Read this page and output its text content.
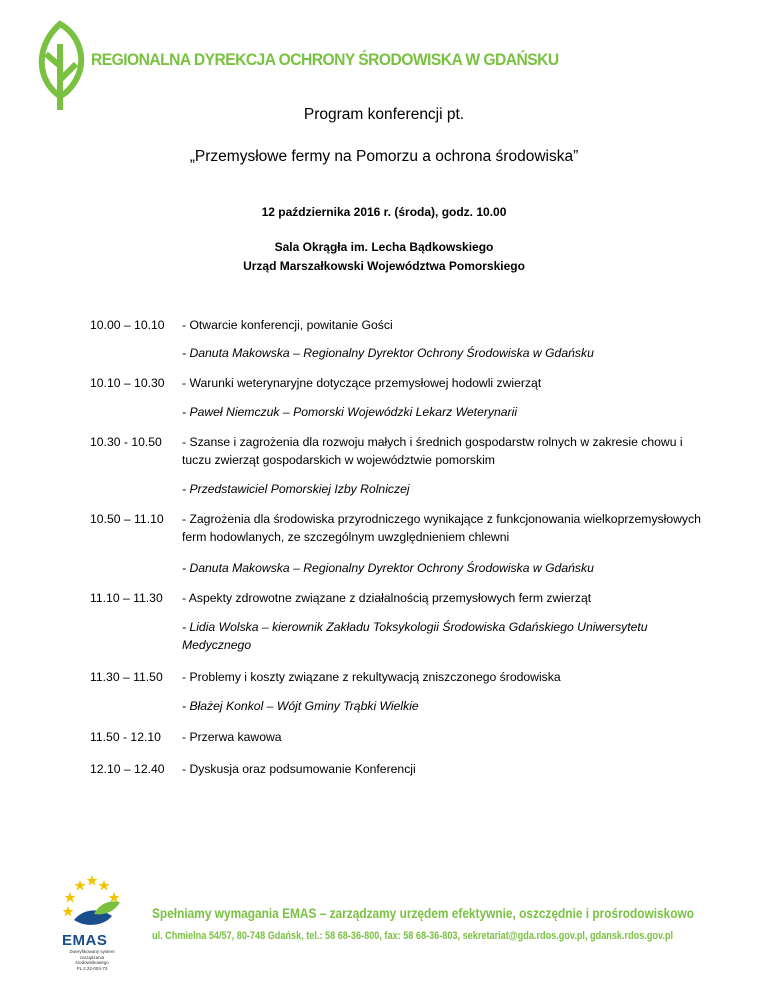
REGIONALNA DYREKCJA OCHRONY ŚRODOWISKA W GDAŃSKU
Program konferencji pt.
„Przemysłowe fermy na Pomorzu a ochrona środowiska”
12 października 2016 r. (środa), godz. 10.00
Sala Okrągła im. Lecha Bądkowskiego
Urząd Marszałkowski Województwa Pomorskiego
10.00 – 10.10 - Otwarcie konferencji, powitanie Gości
- Danuta Makowska – Regionalny Dyrektor Ochrony Środowiska w Gdańsku
10.10 – 10.30 - Warunki weterynaryjne dotyczące przemysłowej hodowli zwierząt
- Paweł Niemczuk – Pomorski Wojewódzki Lekarz Weterynarii
10.30 - 10.50 - Szanse i zagrożenia dla rozwoju małych i średnich gospodarstw rolnych w zakresie chowu i tuczu zwierząt gospodarskich w województwie pomorskim
- Przedstawiciel Pomorskiej Izby Rolniczej
10.50 – 11.10 - Zagrożenia dla środowiska przyrodniczego wynikające z funkcjonowania wielkoprzemysłowych ferm hodowlanych, ze szczególnym uwzględnieniem chlewni
- Danuta Makowska – Regionalny Dyrektor Ochrony Środowiska w Gdańsku
11.10 – 11.30 - Aspekty zdrowotne związane z działalnością przemysłowych ferm zwierząt
- Lidia Wolska – kierownik Zakładu Toksykologii Środowiska Gdańskiego Uniwersytetu Medycznego
11.30 – 11.50 - Problemy i koszty związane z rekultywacją zniszczonego środowiska
- Błażej Konkol – Wójt Gminy Trąbki Wielkie
11.50 - 12.10 - Przerwa kawowa
12.10 – 12.40 - Dyskusja oraz podsumowanie Konferencji
EMAS
Zweryfikowany system
zarządzania
środowiskowego
PL 2.22-004-73
Spełniamy wymagania EMAS – zarządzamy urzędem efektywnie, oszczędnie i prośrodowiskowo
ul. Chmielna 54/57, 80-748 Gdańsk, tel.: 58 68-36-800, fax: 58 68-36-803, sekretariat@gda.rdos.gov.pl, gdansk.rdos.gov.pl
